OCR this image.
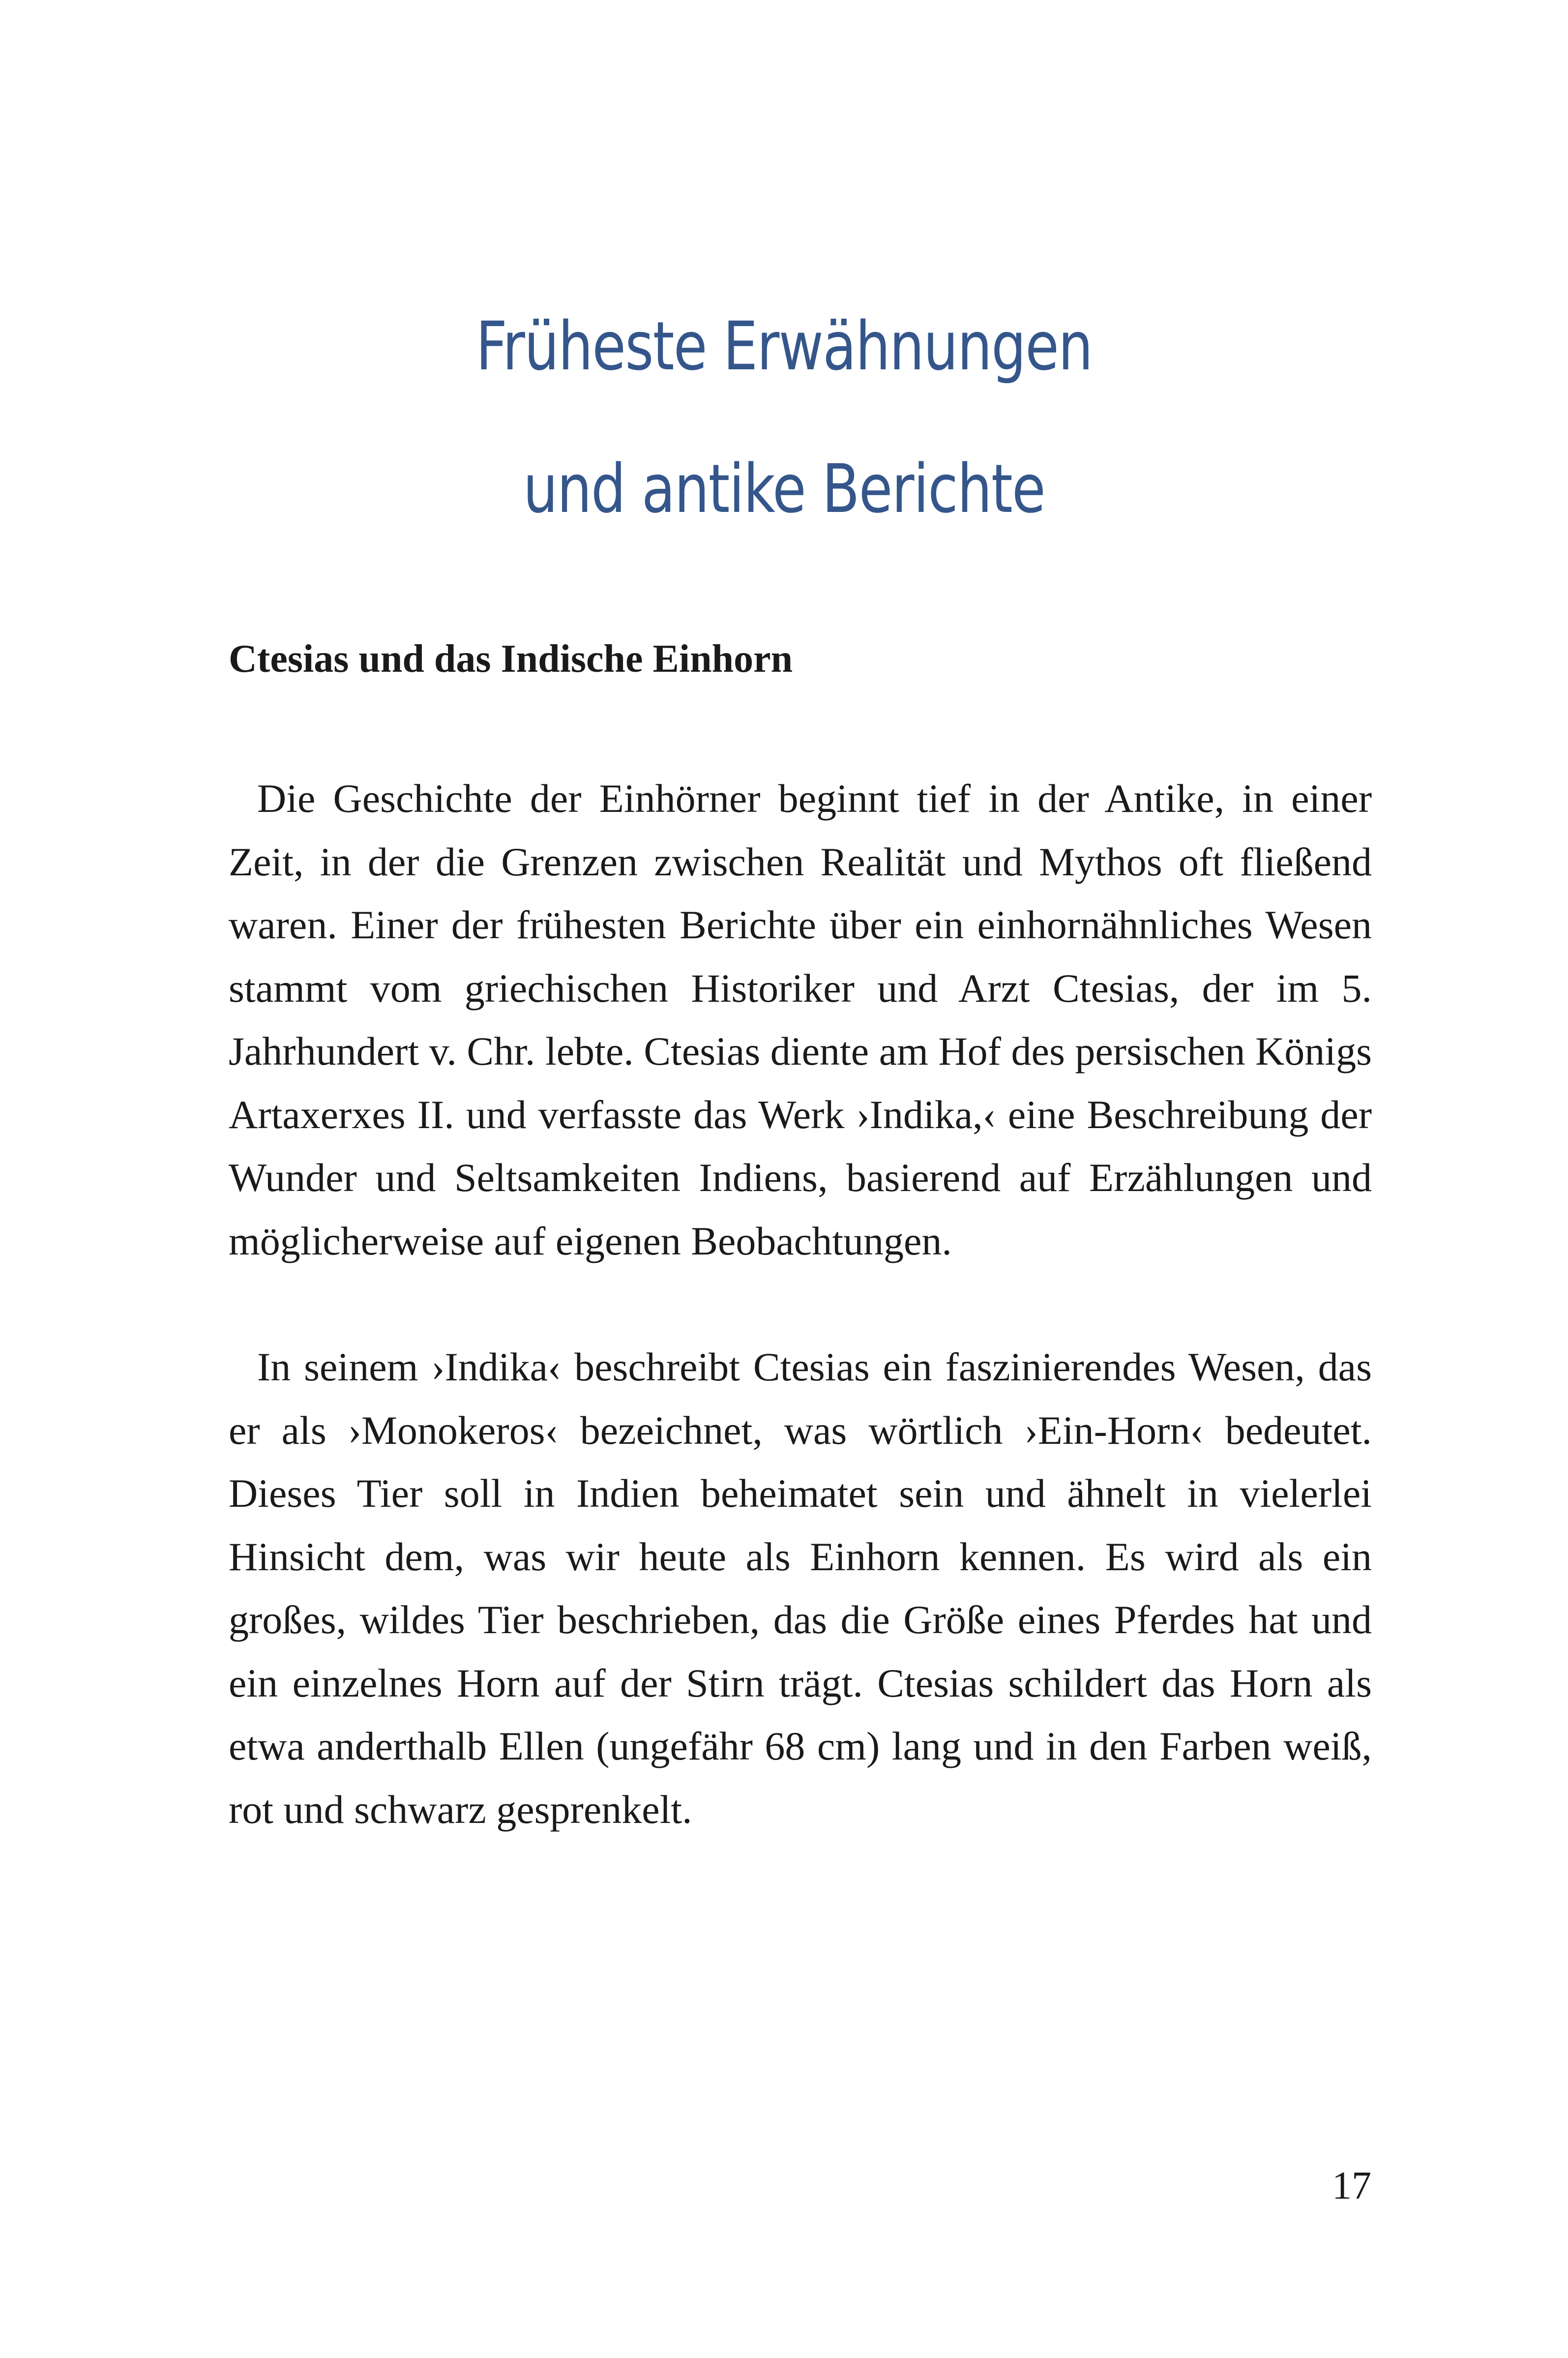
Früheste Erwähnungen
und antike Berichte
Ctesias und das Indische Einhorn

Die Geschichte der Einhörner beginnt tief in der Antike, in einer Zeit, in der die Grenzen zwischen Realität und Mythos oft fließend waren. Einer der frühesten Berichte über ein einhornähnliches Wesen stammt vom griechischen Historiker und Arzt Ctesias, der im 5. Jahrhundert v. Chr. lebte. Ctesias diente am Hof des persischen Königs Artaxerxes II. und verfasste das Werk ›Indika,‹ eine Beschreibung der Wunder und Seltsamkeiten Indiens, basierend auf Erzählungen und möglicherweise auf eigenen Beobachtungen.

In seinem ›Indika‹ beschreibt Ctesias ein faszinierendes Wesen, das er als ›Monokeros‹ bezeichnet, was wörtlich ›Ein-Horn‹ bedeutet. Dieses Tier soll in Indien beheimatet sein und ähnelt in vielerlei Hinsicht dem, was wir heute als Einhorn kennen. Es wird als ein großes, wildes Tier beschrieben, das die Größe eines Pferdes hat und ein einzelnes Horn auf der Stirn trägt. Ctesias schildert das Horn als etwa anderthalb Ellen (ungefähr 68 cm) lang und in den Farben weiß, rot und schwarz gesprenkelt.

17
